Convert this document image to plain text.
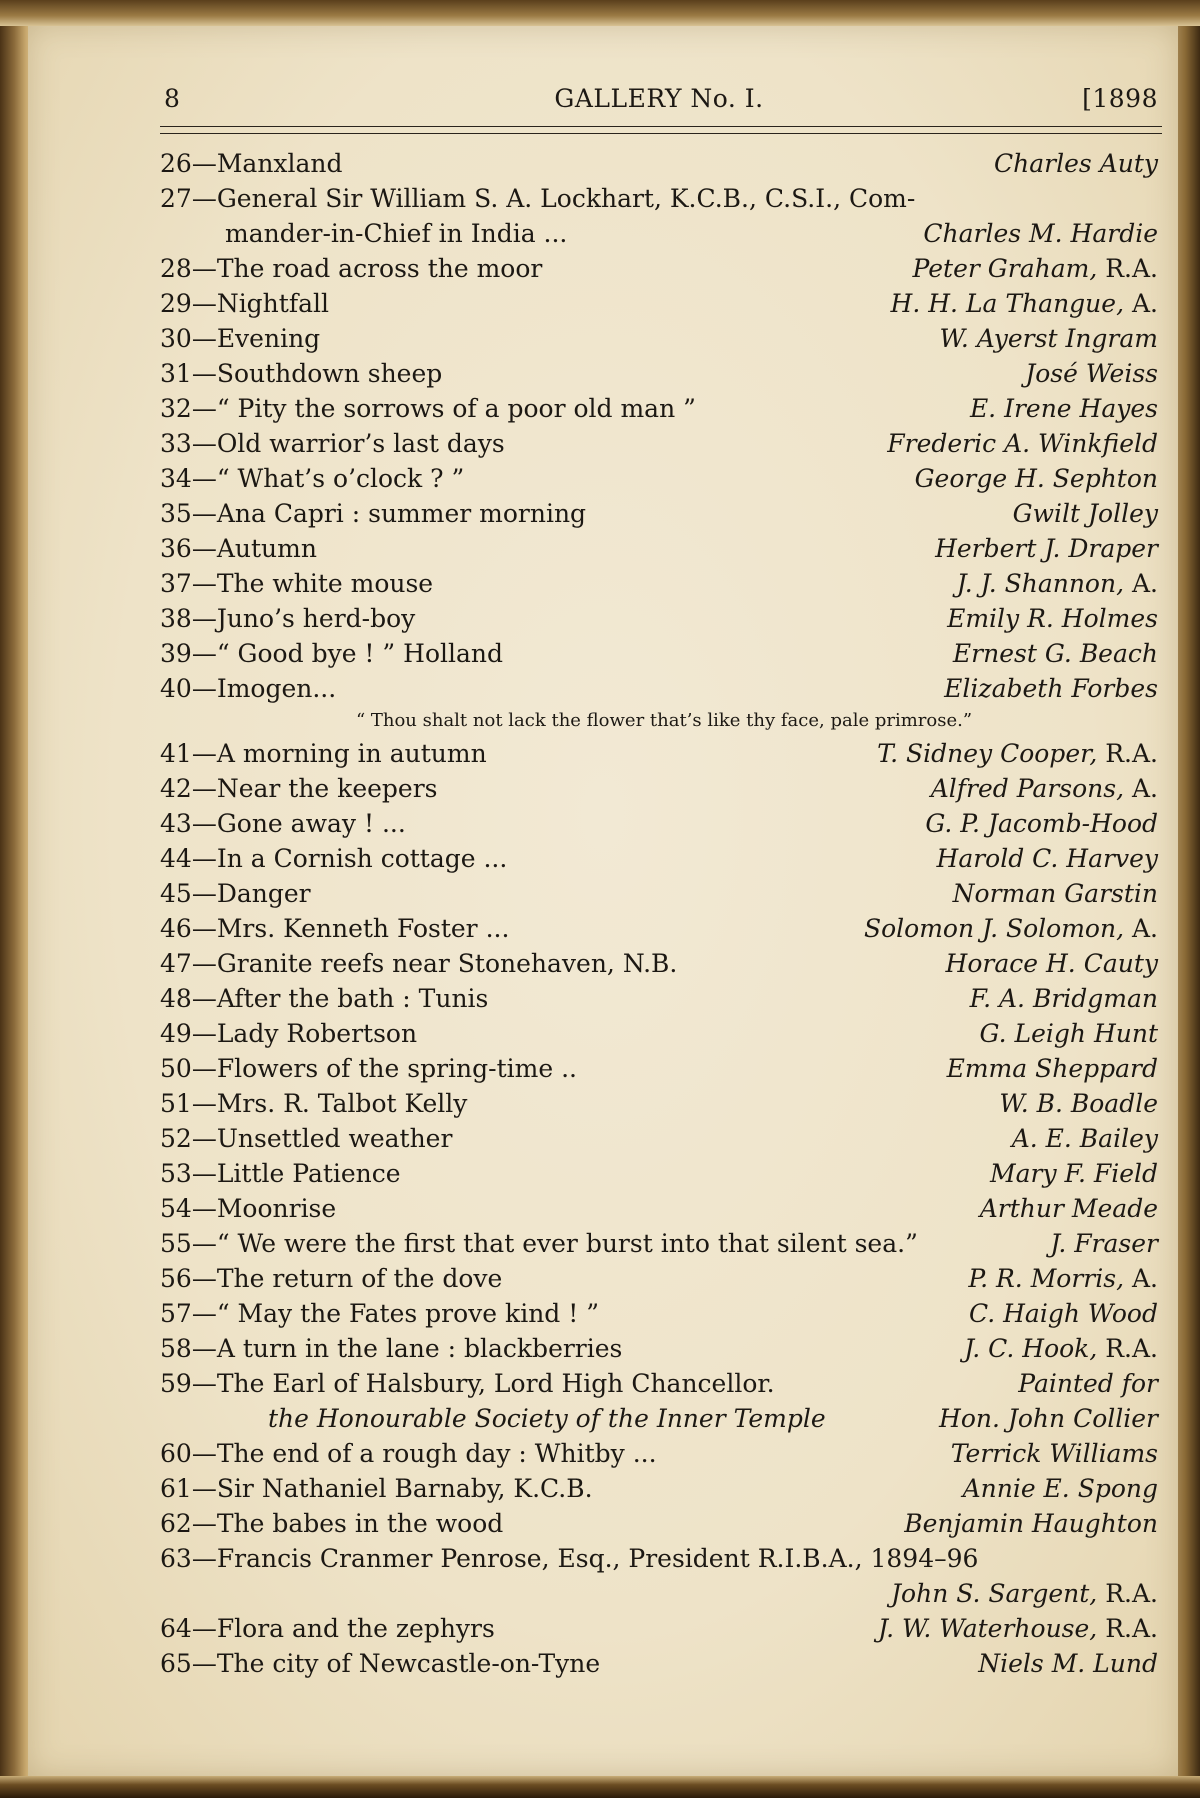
8	GALLERY No. I.	[1898
26—Manxland	Charles Auty
27—General Sir William S. A. Lockhart, K.C.B., C.S.I., Com-
mander-in-Chief in India ...	Charles M. Hardie
28—The road across the moor	Peter Graham, R.A.
29—Nightfall	H. H. La Thangue, A.
30—Evening	W. Ayerst Ingram
31—Southdown sheep	José Weiss
32—“ Pity the sorrows of a poor old man ”	E. Irene Hayes
33—Old warrior’s last days	Frederic A. Winkfield
34—“ What’s o’clock ? ”	George H. Sephton
35—Ana Capri : summer morning	Gwilt Jolley
36—Autumn	Herbert J. Draper
37—The white mouse	J. J. Shannon, A.
38—Juno’s herd-boy	Emily R. Holmes
39—“ Good bye ! ” Holland	Ernest G. Beach
40—Imogen...	Elizabeth Forbes
“ Thou shalt not lack the flower that’s like thy face, pale primrose.”
41—A morning in autumn	T. Sidney Cooper, R.A.
42—Near the keepers	Alfred Parsons, A.
43—Gone away ! ...	G. P. Jacomb-Hood
44—In a Cornish cottage ...	Harold C. Harvey
45—Danger	Norman Garstin
46—Mrs. Kenneth Foster ...	Solomon J. Solomon, A.
47—Granite reefs near Stonehaven, N.B.	Horace H. Cauty
48—After the bath : Tunis	F. A. Bridgman
49—Lady Robertson	G. Leigh Hunt
50—Flowers of the spring-time ..	Emma Sheppard
51—Mrs. R. Talbot Kelly	W. B. Boadle
52—Unsettled weather	A. E. Bailey
53—Little Patience	Mary F. Field
54—Moonrise	Arthur Meade
55—“ We were the first that ever burst into that silent sea.”	J. Fraser
56—The return of the dove	P. R. Morris, A.
57—“ May the Fates prove kind ! ”	C. Haigh Wood
58—A turn in the lane : blackberries	J. C. Hook, R.A.
59—The Earl of Halsbury, Lord High Chancellor.	Painted for
the Honourable Society of the Inner Temple	Hon. John Collier
60—The end of a rough day : Whitby ...	Terrick Williams
61—Sir Nathaniel Barnaby, K.C.B.	Annie E. Spong
62—The babes in the wood	Benjamin Haughton
63—Francis Cranmer Penrose, Esq., President R.I.B.A., 1894–96
John S. Sargent, R.A.
64—Flora and the zephyrs	J. W. Waterhouse, R.A.
65—The city of Newcastle-on-Tyne	Niels M. Lund
